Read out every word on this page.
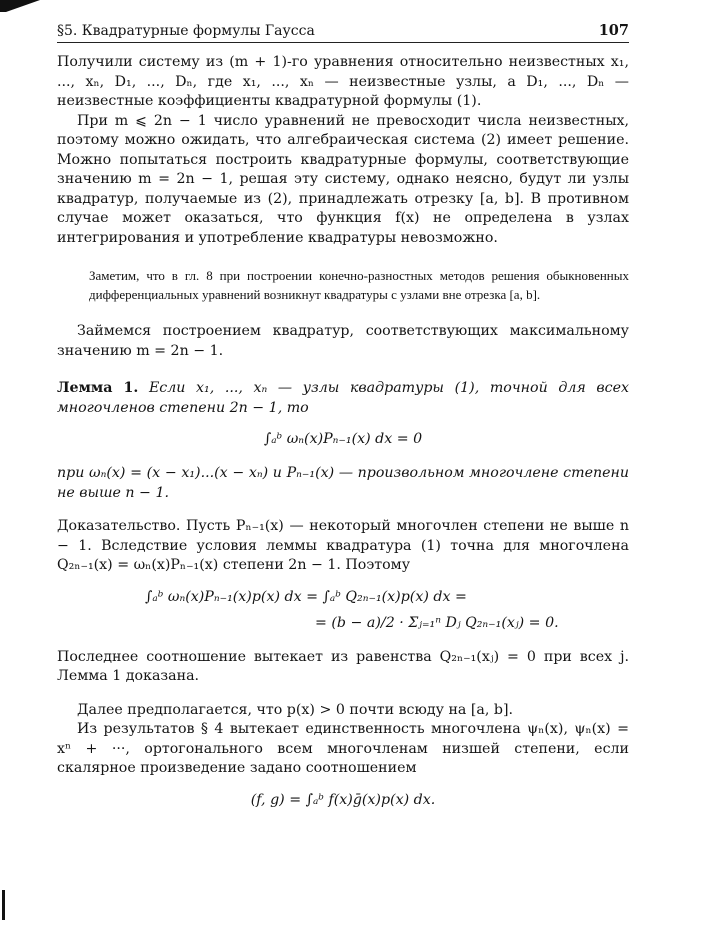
§5. Квадратурные формулы Гаусса	107

Получили систему из (m + 1)-го уравнения относительно неизвестных x₁, ..., xₙ, D₁, ..., Dₙ, где x₁, ..., xₙ — неизвестные узлы, а D₁, ..., Dₙ — неизвестные коэффициенты квадратурной формулы (1).

При m ⩽ 2n − 1 число уравнений не превосходит числа неизвестных, поэтому можно ожидать, что алгебраическая система (2) имеет решение. Можно попытаться построить квадратурные формулы, соответствующие значению m = 2n − 1, решая эту систему, однако неясно, будут ли узлы квадратур, получаемые из (2), принадлежать отрезку [a, b]. В противном случае может оказаться, что функция f(x) не определена в узлах интегрирования и употребление квадратуры невозможно.

Заметим, что в гл. 8 при построении конечно-разностных методов решения обыкновенных дифференциальных уравнений возникнут квадратуры с узлами вне отрезка [a, b].

Займемся построением квадратур, соответствующих максимальному значению m = 2n − 1.

Лемма 1. Если x₁, ..., xₙ — узлы квадратуры (1), точной для всех многочленов степени 2n − 1, то

∫ₐᵇ ωₙ(x)Pₙ₋₁(x) dx = 0

при ωₙ(x) = (x − x₁)...(x − xₙ) и Pₙ₋₁(x) — произвольном многочлене степени не выше n − 1.

Доказательство. Пусть Pₙ₋₁(x) — некоторый многочлен степени не выше n − 1. Вследствие условия леммы квадратура (1) точна для многочлена Q₂ₙ₋₁(x) = ωₙ(x)Pₙ₋₁(x) степени 2n − 1. Поэтому

∫ₐᵇ ωₙ(x)Pₙ₋₁(x)p(x) dx = ∫ₐᵇ Q₂ₙ₋₁(x)p(x) dx =
= (b − a)/2 · Σⱼ₌₁ⁿ Dⱼ Q₂ₙ₋₁(xⱼ) = 0.

Последнее соотношение вытекает из равенства Q₂ₙ₋₁(xⱼ) = 0 при всех j. Лемма 1 доказана.

Далее предполагается, что p(x) > 0 почти всюду на [a, b].

Из результатов § 4 вытекает единственность многочлена ψₙ(x), ψₙ(x) = xⁿ + ···, ортогонального всем многочленам низшей степени, если скалярное произведение задано соотношением

(f, g) = ∫ₐᵇ f(x)ḡ(x)p(x) dx.
